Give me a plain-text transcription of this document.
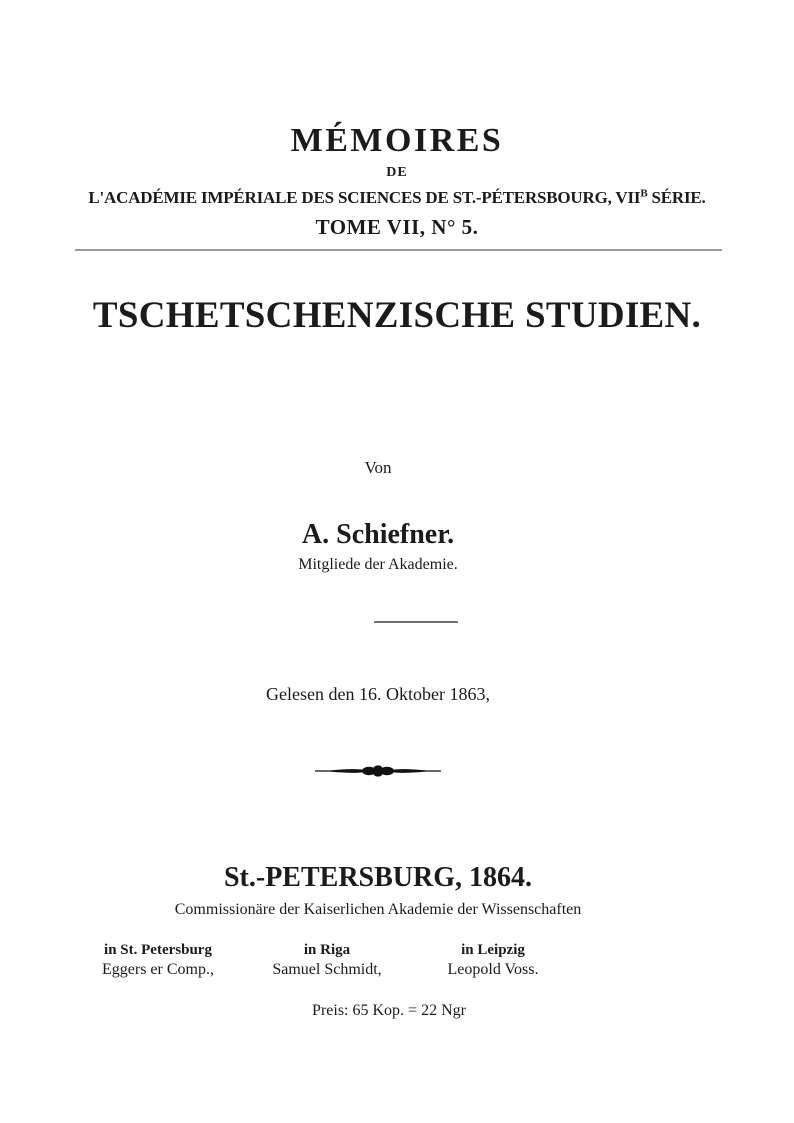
MÉMOIRES
DE
L'ACADÉMIE IMPÉRIALE DES SCIENCES DE ST.-PÉTERSBOURG, $VII^B$ SÉRIE.
TOME VII, N° 5.
TSCHETSCHENZISCHE STUDIEN.
Von
A. Schiefner.
Mitgliede der Akademie.
Gelesen den 16. Oktober 1863,
St.-PETERSBURG, 1864.
Commissionäre der Kaiserlichen Akademie der Wissenschaften
in St. Petersburg
Eggers er Comp.,
in Riga
Samuel Schmidt,
in Leipzig
Leopold Voss.
Preis: 65 Kop. = 22 Ngr
